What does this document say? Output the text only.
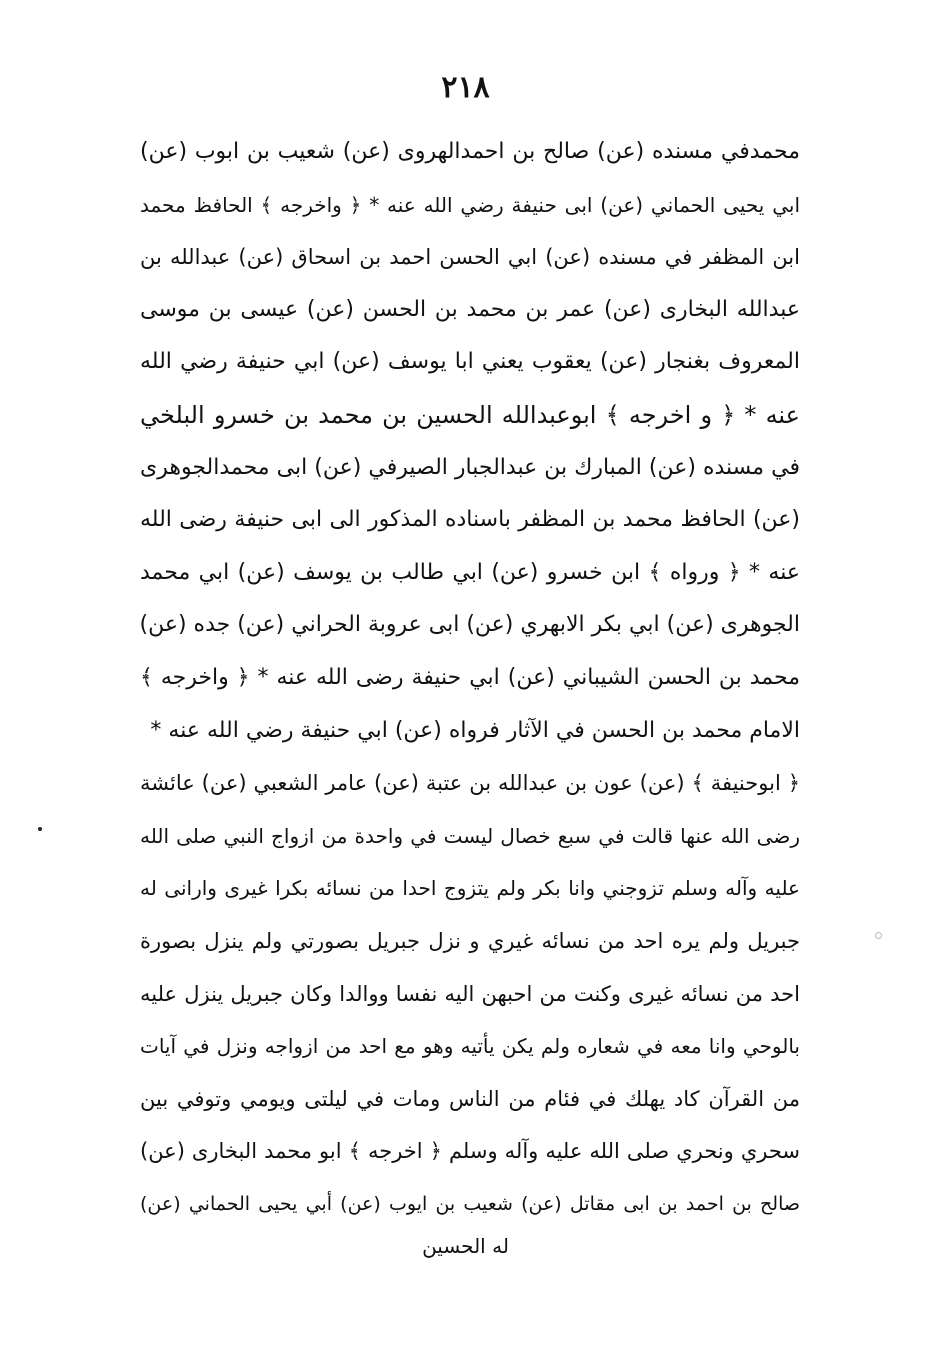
٢١٨
محمدفي مسنده (عن) صالح بن احمدالهروى (عن) شعيب بن ابوب (عن)
ابي يحيى الحماني (عن) ابى حنيفة رضي الله عنه * ﴿ واخرجه ﴾ الحافظ محمد
ابن المظفر في مسنده (عن) ابي الحسن احمد بن اسحاق (عن) عبدالله بن
عبدالله البخارى (عن) عمر بن محمد بن الحسن (عن) عيسى بن موسى
المعروف بغنجار (عن) يعقوب يعني ابا يوسف (عن) ابي حنيفة رضي الله
عنه * ﴿ و اخرجه ﴾ ابوعبدالله الحسين بن محمد بن خسرو البلخي
في مسنده (عن) المبارك بن عبدالجبار الصيرفي (عن) ابى محمدالجوهرى
(عن) الحافظ محمد بن المظفر باسناده المذكور الى ابى حنيفة رضى الله
عنه * ﴿ ورواه ﴾ ابن خسرو (عن) ابي طالب بن يوسف (عن) ابي محمد
الجوهرى (عن) ابي بكر الابهري (عن) ابى عروبة الحراني (عن) جده (عن)
محمد بن الحسن الشيباني (عن) ابي حنيفة رضى الله عنه * ﴿ واخرجه ﴾
الامام محمد بن الحسن في الآثار فرواه (عن) ابي حنيفة رضي الله عنه *
﴿ ابوحنيفة ﴾ (عن) عون بن عبدالله بن عتبة (عن) عامر الشعبي (عن) عائشة
رضى الله عنها قالت في سبع خصال ليست في واحدة من ازواج النبي صلى الله
عليه وآله وسلم تزوجني وانا بكر ولم يتزوج احدا من نسائه بكرا غيرى وارانى له
جبريل ولم يره احد من نسائه غيري و نزل جبريل بصورتي ولم ينزل بصورة
احد من نسائه غيرى وكنت من احبهن اليه نفسا ووالدا وكان جبريل ينزل عليه
بالوحي وانا معه في شعاره ولم يكن يأتيه وهو مع احد من ازواجه ونزل في آيات
من القرآن كاد يهلك في فئام من الناس ومات في ليلتى ويومي وتوفي بين
سحري ونحري صلى الله عليه وآله وسلم ﴿ اخرجه ﴾ ابو محمد البخارى (عن)
صالح بن احمد بن ابى مقاتل (عن) شعيب بن ايوب (عن) أبي يحيى الحماني (عن)
له الحسين
